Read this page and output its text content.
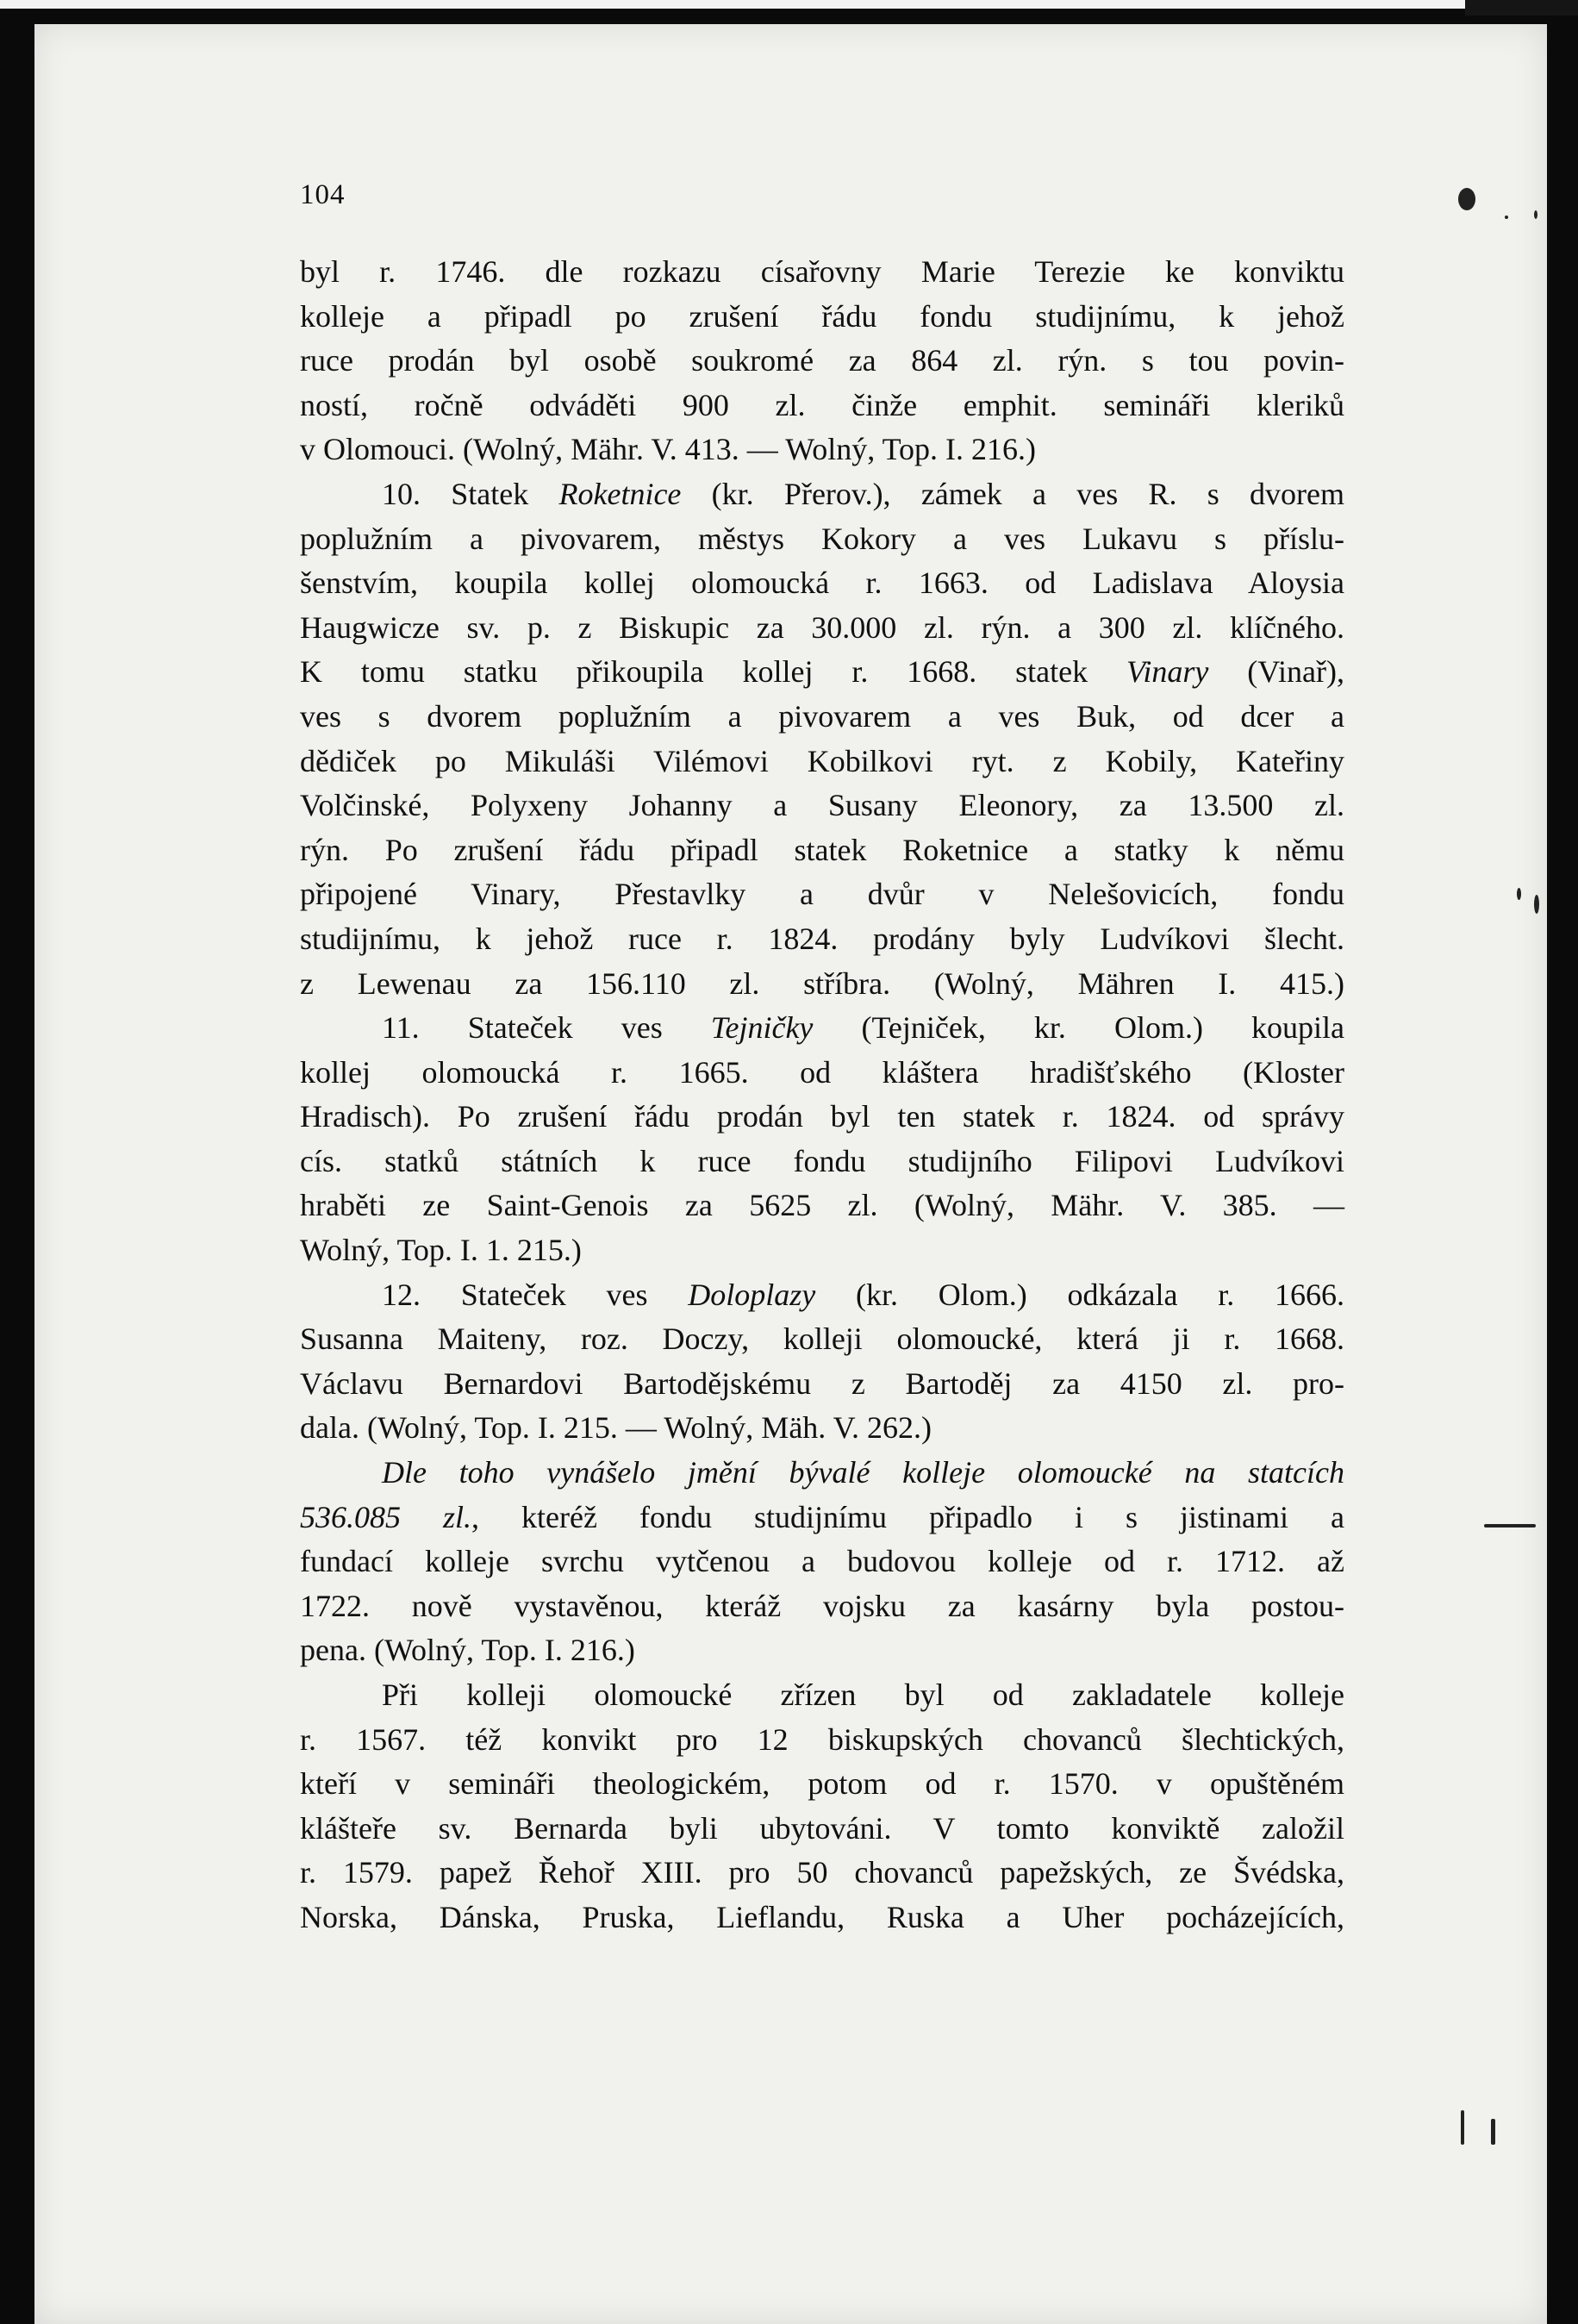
104
byl r. 1746. dle rozkazu císařovny Marie Terezie ke konviktu
kolleje a připadl po zrušení řádu fondu studijnímu, k jehož
ruce prodán byl osobě soukromé za 864 zl. rýn. s tou povin-
ností, ročně odváděti 900 zl. činže emphit. semináři kleriků
v Olomouci. (Wolný, Mähr. V. 413. — Wolný, Top. I. 216.)
10. Statek Roketnice (kr. Přerov.), zámek a ves R. s dvorem
poplužním a pivovarem, městys Kokory a ves Lukavu s příslu-
šenstvím, koupila kollej olomoucká r. 1663. od Ladislava Aloysia
Haugwicze sv. p. z Biskupic za 30.000 zl. rýn. a 300 zl. klíčného.
K tomu statku přikoupila kollej r. 1668. statek Vinary (Vinař),
ves s dvorem poplužním a pivovarem a ves Buk, od dcer a
dědiček po Mikuláši Vilémovi Kobilkovi ryt. z Kobily, Kateřiny
Volčinské, Polyxeny Johanny a Susany Eleonory, za 13.500 zl.
rýn. Po zrušení řádu připadl statek Roketnice a statky k němu
připojené Vinary, Přestavlky a dvůr v Nelešovicích, fondu
studijnímu, k jehož ruce r. 1824. prodány byly Ludvíkovi šlecht.
z Lewenau za 156.110 zl. stříbra. (Wolný, Mähren I. 415.)
11. Stateček ves Tejničky (Tejniček, kr. Olom.) koupila
kollej olomoucká r. 1665. od kláštera hradišťského (Kloster
Hradisch). Po zrušení řádu prodán byl ten statek r. 1824. od správy
cís. statků státních k ruce fondu studijního Filipovi Ludvíkovi
hraběti ze Saint-Genois za 5625 zl. (Wolný, Mähr. V. 385. —
Wolný, Top. I. 1. 215.)
12. Stateček ves Doloplazy (kr. Olom.) odkázala r. 1666.
Susanna Maiteny, roz. Doczy, kolleji olomoucké, která ji r. 1668.
Václavu Bernardovi Bartodějskému z Bartoděj za 4150 zl. pro-
dala. (Wolný, Top. I. 215. — Wolný, Mäh. V. 262.)
Dle toho vynášelo jmění bývalé kolleje olomoucké na statcích
536.085 zl., kteréž fondu studijnímu připadlo i s jistinami a
fundací kolleje svrchu vytčenou a budovou kolleje od r. 1712. až
1722. nově vystavěnou, kteráž vojsku za kasárny byla postou-
pena. (Wolný, Top. I. 216.)
Při kolleji olomoucké zřízen byl od zakladatele kolleje
r. 1567. též konvikt pro 12 biskupských chovanců šlechtických,
kteří v semináři theologickém, potom od r. 1570. v opuštěném
klášteře sv. Bernarda byli ubytováni. V tomto konviktě založil
r. 1579. papež Řehoř XIII. pro 50 chovanců papežských, ze Švédska,
Norska, Dánska, Pruska, Lieflandu, Ruska a Uher pocházejících,
